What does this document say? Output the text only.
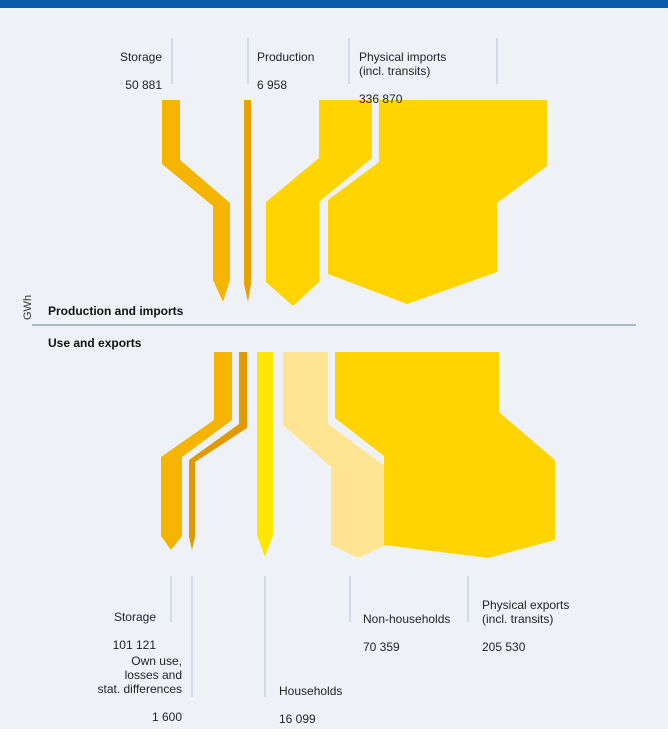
Storage

50 881

Production

6 958

Physical imports
(incl. transits)

336 870

Production and imports
Use and exports
GWh

Storage

101 121

Own use,
losses and
stat. differences

1 600

Households

16 099

Non-households

70 359

Physical exports
(incl. transits)

205 530
